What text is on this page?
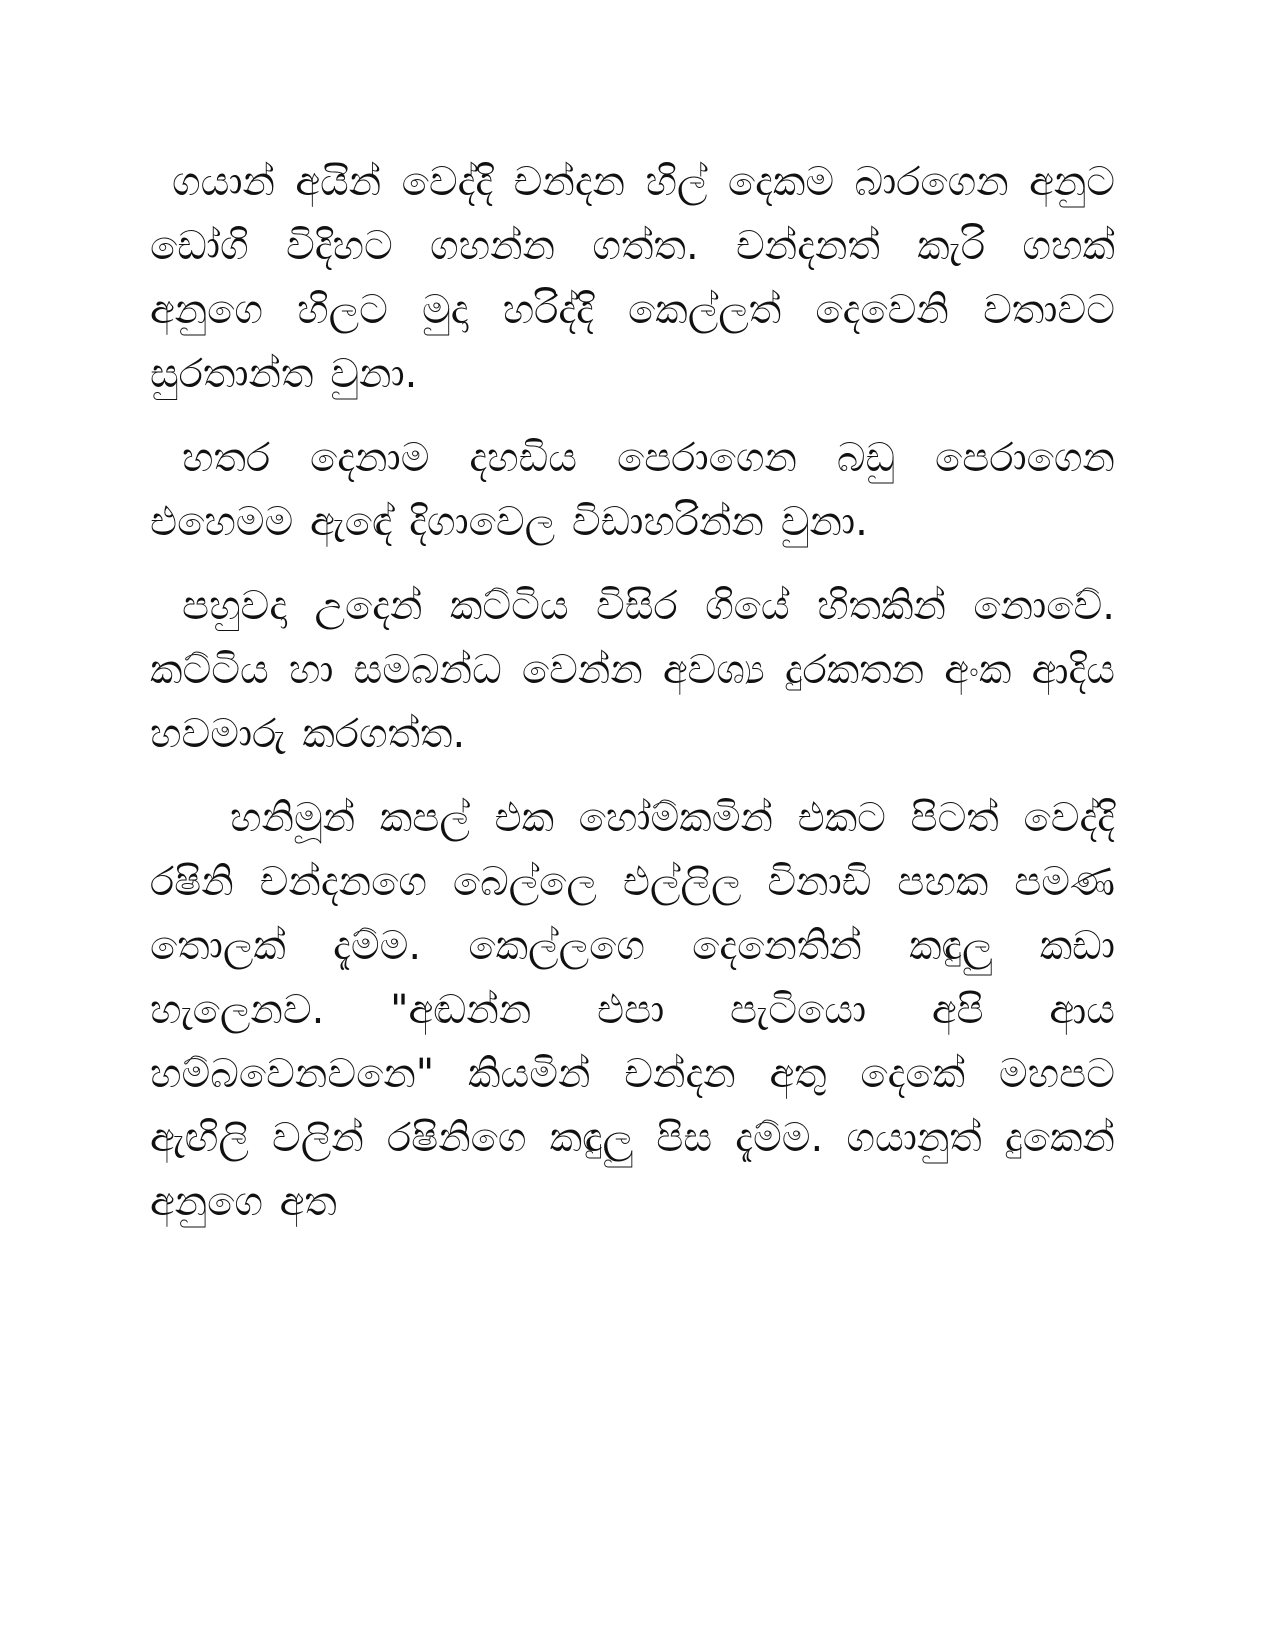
ගයාන් අයින් වෙද්දි චන්දන හිල් දෙකම බාරගෙන අනුට ඩෝගි විදිහට ගහන්න ගත්ත. චන්දනත් කැරි ගහක් අනුගෙ හිලට මුදා හරිද්දි කෙල්ලත් දෙවෙනි වතාවට සුරතාන්ත වුනා.

හතර දෙනාම දහඩිය පෙරාගෙන බඩු පෙරාගෙන එහෙමම ඇඳේ දිගාවෙල විඩාහරින්න වුනා.

පහුවදා උදෙන් කට්ටිය විසිර ගියේ හිතකින් නොවේ. කට්ටිය හා සමබන්ධ වෙන්න අවශ්‍ය දුරකතන අංක ආදිය හවමාරු කරගත්ත.

හනිමූන් කපල් එක හෝම්කමින් එකට පිටත් වෙද්දි රෂිනි චන්දනගෙ බෙල්ලෙ එල්ලිල විනාඩි පහක පමණ තොලක් දැම්ම. කෙල්ලගෙ දෙනෙතින් කඳුලු කඩා හැලෙනව. "අඬන්න එපා පැටියො අපි ආය හම්බවෙනවනෙ" කියමින් චන්දන අතු දෙකේ මහපට ඇඟිලි වලින් රෂිනිගෙ කඳුලු පිස දැම්ම. ගයානුත් දුකෙන් අනුගෙ අත
